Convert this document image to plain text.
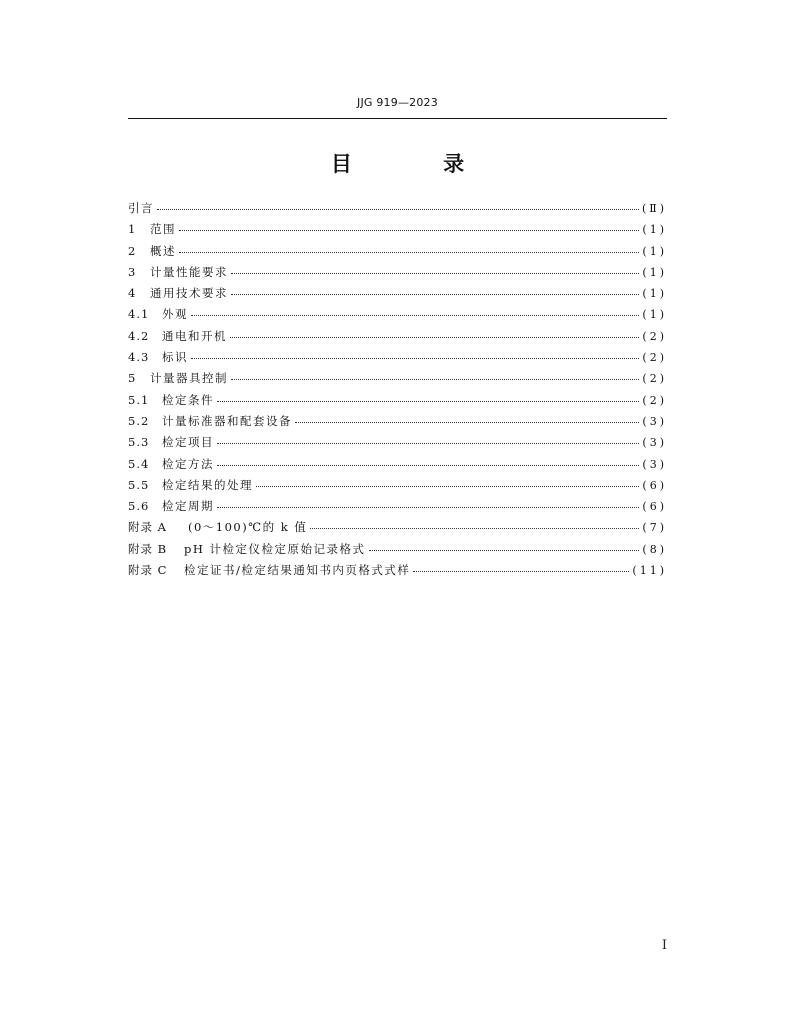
JJG 919—2023
目 录
引言	(Ⅱ)
1	范围	(1)
2	概述	(1)
3	计量性能要求	(1)
4	通用技术要求	(1)
4.1	外观	(1)
4.2	通电和开机	(2)
4.3	标识	(2)
5	计量器具控制	(2)
5.1	检定条件	(2)
5.2	计量标准器和配套设备	(3)
5.3	检定项目	(3)
5.4	检定方法	(3)
5.5	检定结果的处理	(6)
5.6	检定周期	(6)
附录 A	(0～100)℃的 k 值	(7)
附录 B	pH 计检定仪检定原始记录格式	(8)
附录 C	检定证书/检定结果通知书内页格式式样	(11)
I
